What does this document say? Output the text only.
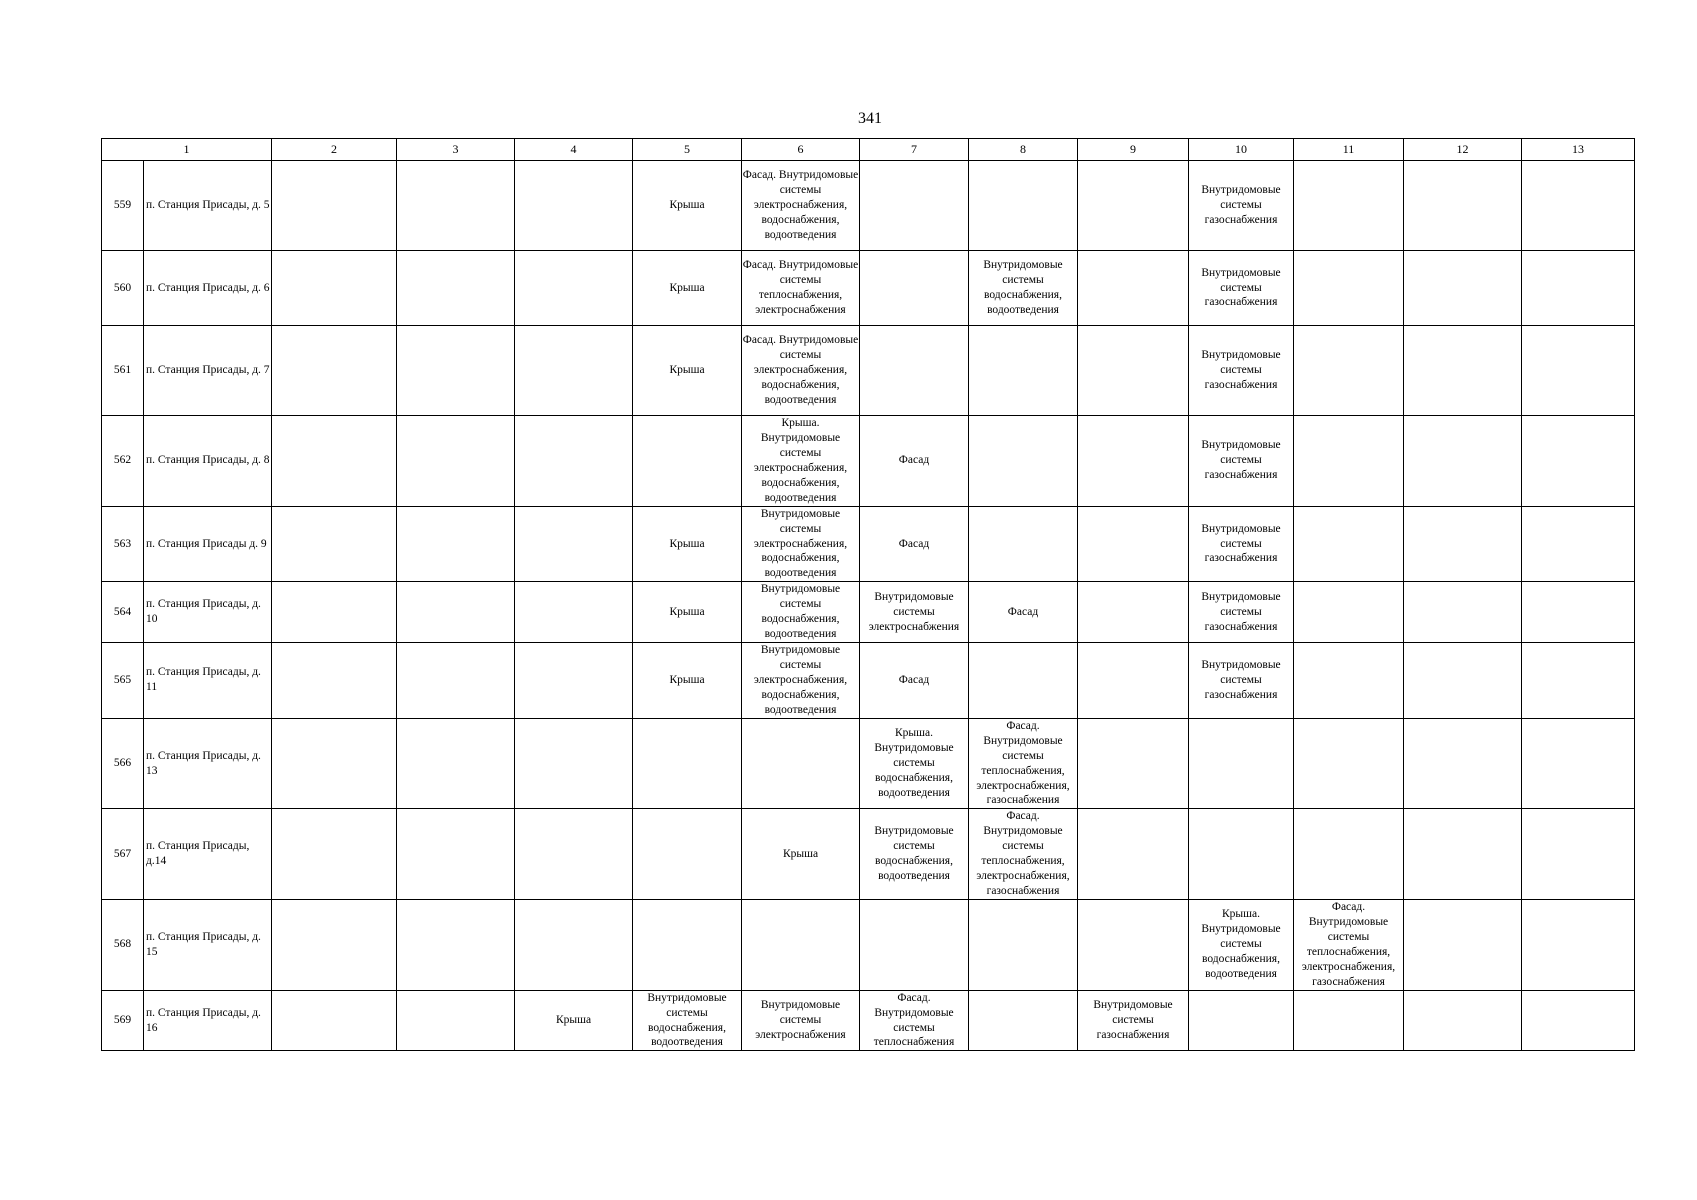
341
1		2	3	4	5	6	7	8	9	10	11	12	13
559	п. Станция Присады, д. 5				Крыша	Фасад. Внутридомовые системы электроснабжения, водоснабжения, водоотведения				Внутридомовые системы газоснабжения			
560	п. Станция Присады, д. 6				Крыша	Фасад. Внутридомовые системы теплоснабжения, электроснабжения		Внутридомовые системы водоснабжения, водоотведения		Внутридомовые системы газоснабжения			
561	п. Станция Присады, д. 7				Крыша	Фасад. Внутридомовые системы электроснабжения, водоснабжения, водоотведения				Внутридомовые системы газоснабжения			
562	п. Станция Присады, д. 8					Крыша. Внутридомовые системы электроснабжения, водоснабжения, водоотведения	Фасад			Внутридомовые системы газоснабжения			
563	п. Станция Присады д. 9				Крыша	Внутридомовые системы электроснабжения, водоснабжения, водоотведения	Фасад			Внутридомовые системы газоснабжения			
564	п. Станция Присады, д. 10				Крыша	Внутридомовые системы водоснабжения, водоотведения	Внутридомовые системы электроснабжения	Фасад		Внутридомовые системы газоснабжения			
565	п. Станция Присады, д. 11				Крыша	Внутридомовые системы электроснабжения, водоснабжения, водоотведения	Фасад			Внутридомовые системы газоснабжения			
566	п. Станция Присады, д. 13						Крыша. Внутридомовые системы водоснабжения, водоотведения	Фасад. Внутридомовые системы теплоснабжения, электроснабжения, газоснабжения					
567	п. Станция Присады, д.14					Крыша	Внутридомовые системы водоснабжения, водоотведения	Фасад. Внутридомовые системы теплоснабжения, электроснабжения, газоснабжения					
568	п. Станция Присады, д. 15									Крыша. Внутридомовые системы водоснабжения, водоотведения	Фасад. Внутридомовые системы теплоснабжения, электроснабжения, газоснабжения		
569	п. Станция Присады, д. 16			Крыша	Внутридомовые системы водоснабжения, водоотведения	Внутридомовые системы электроснабжения	Фасад. Внутридомовые системы теплоснабжения		Внутридомовые системы газоснабжения				
